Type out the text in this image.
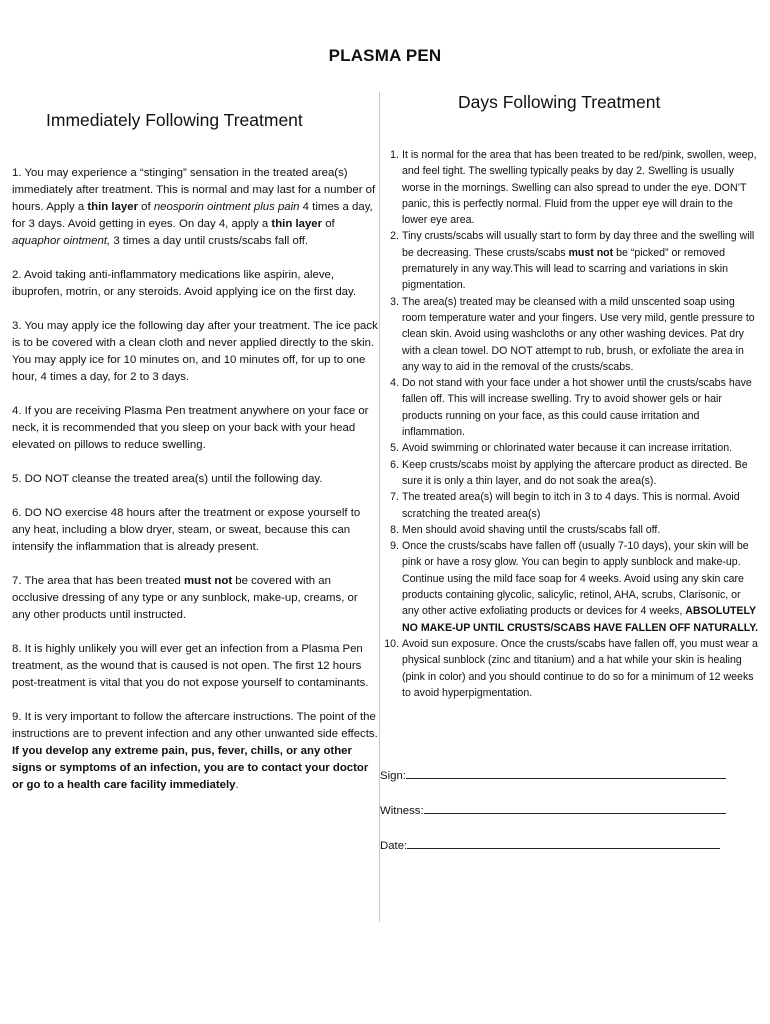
PLASMA PEN
Immediately Following Treatment

1. You may experience a “stinging” sensation in the treated area(s) immediately after treatment. This is normal and may last for a number of hours. Apply a thin layer of neosporin ointment plus pain 4 times a day, for 3 days. Avoid getting in eyes. On day 4, apply a thin layer of aquaphor ointment, 3 times a day until crusts/scabs fall off.

2. Avoid taking anti-inflammatory medications like aspirin, aleve, ibuprofen, motrin, or any steroids. Avoid applying ice on the first day.

3. You may apply ice the following day after your treatment. The ice pack is to be covered with a clean cloth and never applied directly to the skin. You may apply ice for 10 minutes on, and 10 minutes off, for up to one hour, 4 times a day, for 2 to 3 days.

4. If you are receiving Plasma Pen treatment anywhere on your face or neck, it is recommended that you sleep on your back with your head elevated on pillows to reduce swelling.

5. DO NOT cleanse the treated area(s) until the following day.

6. DO NO exercise 48 hours after the treatment or expose yourself to any heat, including a blow dryer, steam, or sweat, because this can intensify the inflammation that is already present.

7. The area that has been treated must not be covered with an occlusive dressing of any type or any sunblock, make-up, creams, or any other products until instructed.

8. It is highly unlikely you will ever get an infection from a Plasma Pen treatment, as the wound that is caused is not open. The first 12 hours post-treatment is vital that you do not expose yourself to contaminants.

9. It is very important to follow the aftercare instructions. The point of the instructions are to prevent infection and any other unwanted side effects. If you develop any extreme pain, pus, fever, chills, or any other signs or symptoms of an infection, you are to contact your doctor or go to a health care facility immediately.

Days Following Treatment
1. It is normal for the area that has been treated to be red/pink, swollen, weep, and feel tight. The swelling typically peaks by day 2. Swelling is usually worse in the mornings. Swelling can also spread to under the eye. DON’T panic, this is perfectly normal. Fluid from the upper eye will drain to the lower eye area.
2. Tiny crusts/scabs will usually start to form by day three and the swelling will be decreasing. These crusts/scabs must not be “picked” or removed prematurely in any way.This will lead to scarring and variations in skin pigmentation.
3. The area(s) treated may be cleansed with a mild unscented soap using room temperature water and your fingers. Use very mild, gentle pressure to clean skin. Avoid using washcloths or any other washing devices. Pat dry with a clean towel. DO NOT attempt to rub, brush, or exfoliate the area in any way to aid in the removal of the crusts/scabs.
4. Do not stand with your face under a hot shower until the crusts/scabs have fallen off. This will increase swelling. Try to avoid shower gels or hair products running on your face, as this could cause irritation and inflammation.
5. Avoid swimming or chlorinated water because it can increase irritation.
6. Keep crusts/scabs moist by applying the aftercare product as directed. Be sure it is only a thin layer, and do not soak the area(s).
7. The treated area(s) will begin to itch in 3 to 4 days. This is normal. Avoid scratching the treated area(s)
8. Men should avoid shaving until the crusts/scabs fall off.
9. Once the crusts/scabs have fallen off (usually 7-10 days), your skin will be pink or have a rosy glow. You can begin to apply sunblock and make-up. Continue using the mild face soap for 4 weeks. Avoid using any skin care products containing glycolic, salicylic, retinol, AHA, scrubs, Clarisonic, or any other active exfoliating products or devices for 4 weeks, ABSOLUTELY NO MAKE-UP UNTIL CRUSTS/SCABS HAVE FALLEN OFF NATURALLY.
10. Avoid sun exposure. Once the crusts/scabs have fallen off, you must wear a physical sunblock (zinc and titanium) and a hat while your skin is healing (pink in color) and you should continue to do so for a minimum of 12 weeks to avoid hyperpigmentation.
Sign:
Witness:
Date:
